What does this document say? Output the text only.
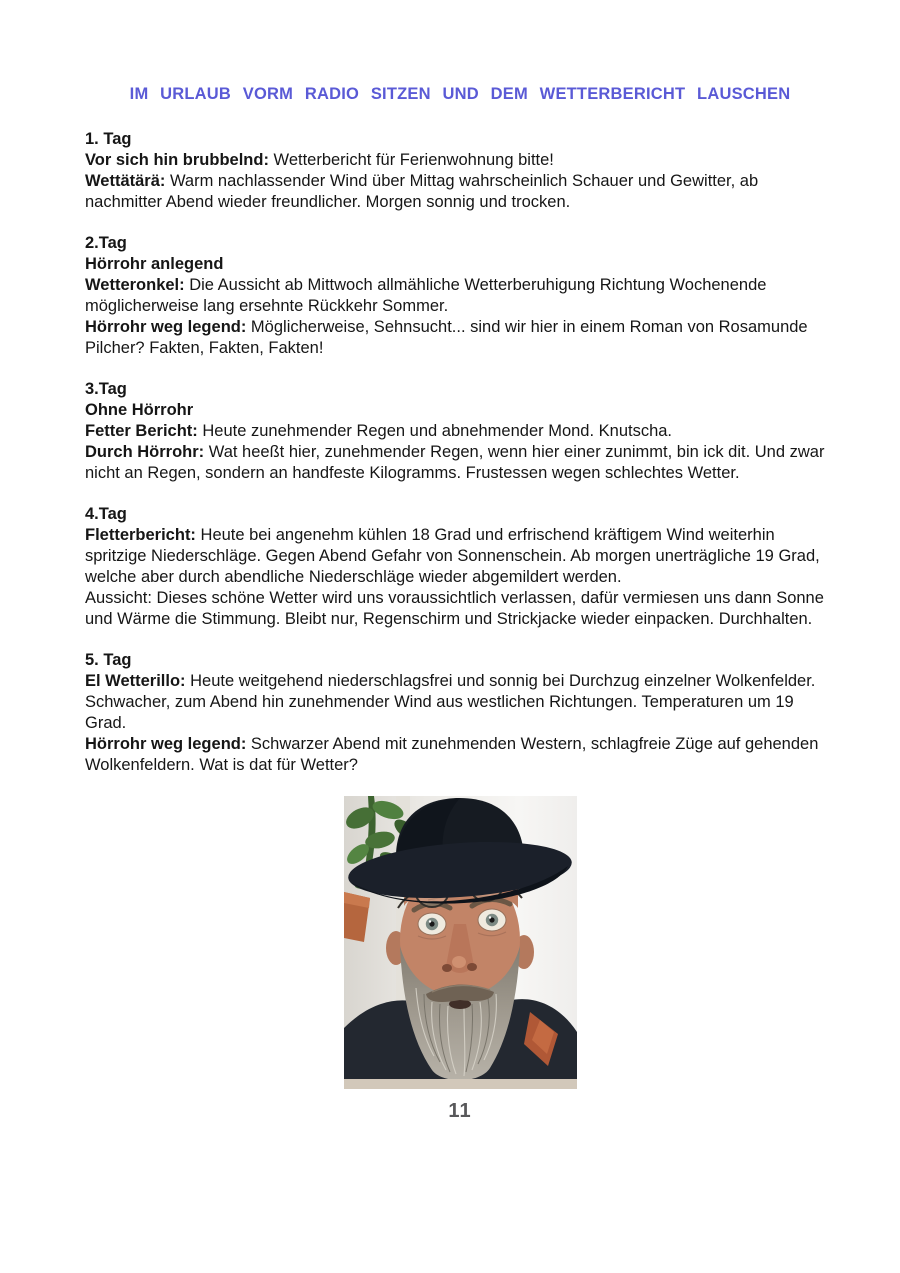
IM URLAUB VORM RADIO SITZEN UND DEM WETTERBERICHT LAUSCHEN
1. Tag

Vor sich hin brubbelnd: Wetterbericht für Ferienwohnung bitte!

Wettätärä: Warm nachlassender Wind über Mittag wahrscheinlich Schauer und Gewitter, ab nachmitter Abend wieder freundlicher. Morgen sonnig und trocken.

2.Tag
Hörrohr anlegend

Wetteronkel: Die Aussicht ab Mittwoch allmähliche Wetterberuhigung Richtung Wochenende möglicherweise lang ersehnte Rückkehr Sommer.

Hörrohr weg legend: Möglicherweise, Sehnsucht... sind wir hier in einem Roman von Rosamunde Pilcher? Fakten, Fakten, Fakten!

3.Tag
Ohne Hörrohr

Fetter Bericht: Heute zunehmender Regen und abnehmender Mond. Knutscha.

Durch Hörrohr: Wat heeßt hier, zunehmender Regen, wenn hier einer zunimmt, bin ick dit. Und zwar nicht an Regen, sondern an handfeste Kilogramms. Frustessen wegen schlechtes Wetter.

4.Tag

Fletterbericht: Heute bei angenehm kühlen 18 Grad und erfrischend kräftigem Wind weiterhin spritzige Niederschläge. Gegen Abend Gefahr von Sonnenschein. Ab morgen unerträgliche 19 Grad, welche aber durch abendliche Niederschläge wieder abgemildert werden.

Aussicht: Dieses schöne Wetter wird uns voraussichtlich verlassen, dafür vermiesen uns dann Sonne und Wärme die Stimmung. Bleibt nur, Regenschirm und Strickjacke wieder einpacken. Durchhalten.

5. Tag

El Wetterillo: Heute weitgehend niederschlagsfrei und sonnig bei Durchzug einzelner Wolkenfelder. Schwacher, zum Abend hin zunehmender Wind aus westlichen Richtungen. Temperaturen um 19 Grad.

Hörrohr weg legend: Schwarzer Abend mit zunehmenden Western, schlagfreie Züge auf gehenden Wolkenfeldern. Wat is dat für Wetter?

11
